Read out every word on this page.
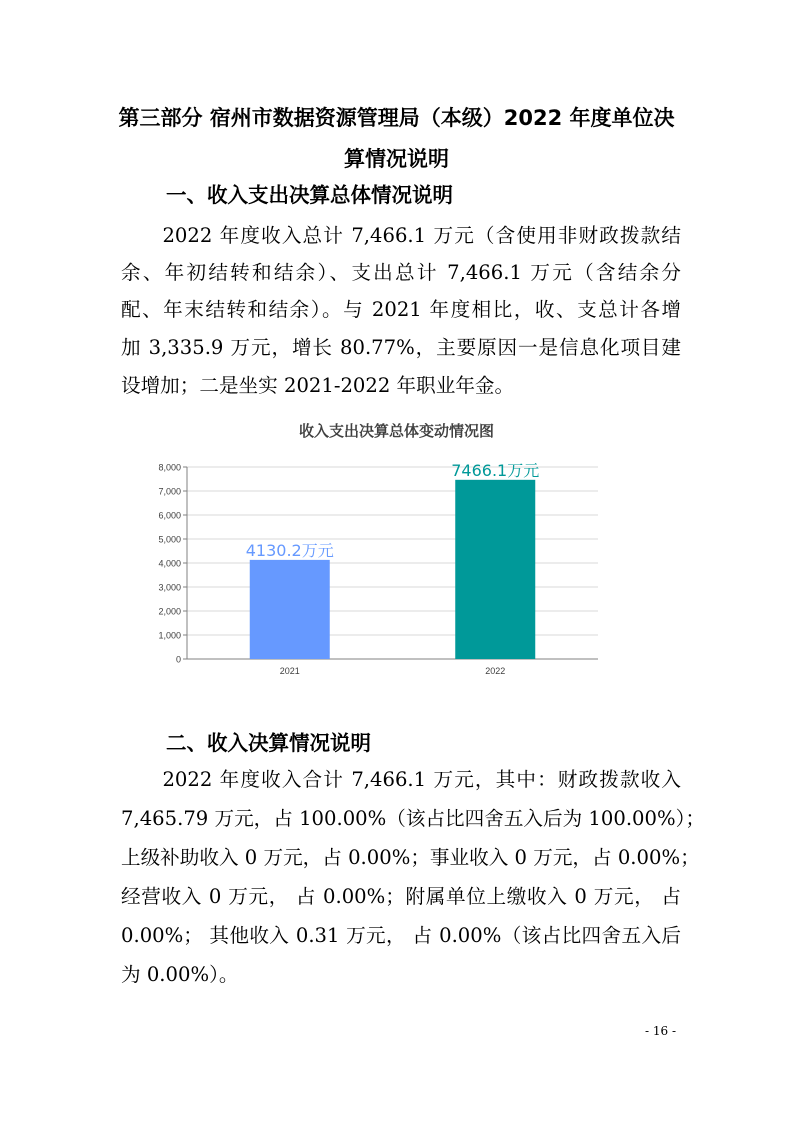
第三部分 宿州市数据资源管理局（本级）2022 年度单位决
算情况说明
一、收入支出决算总体情况说明
　　2022 年度收入总计 7,466.1 万元（含使用非财政拨款结
余、年初结转和结余）、支出总计 7,466.1 万元（含结余分
配、年末结转和结余）。与 2021 年度相比，收、支总计各增
加 3,335.9 万元，增长 80.77%，主要原因一是信息化项目建
设增加；二是坐实 2021-2022 年职业年金。
收入支出决算总体变动情况图
0
1,000
2,000
3,000
4,000
5,000
6,000
7,000
8,000
4130.2万元
2021
7466.1万元
2022
二、收入决算情况说明
　　2022 年度收入合计 7,466.1 万元，其中：财政拨款收入
7,465.79 万元，占 100.00%（该占比四舍五入后为 100.00%）；
上级补助收入 0 万元，占 0.00%；事业收入 0 万元，占 0.00%；
经营收入 0 万元， 占 0.00%；附属单位上缴收入 0 万元， 占
0.00%； 其他收入 0.31 万元， 占 0.00%（该占比四舍五入后
为 0.00%）。
- 16 -
